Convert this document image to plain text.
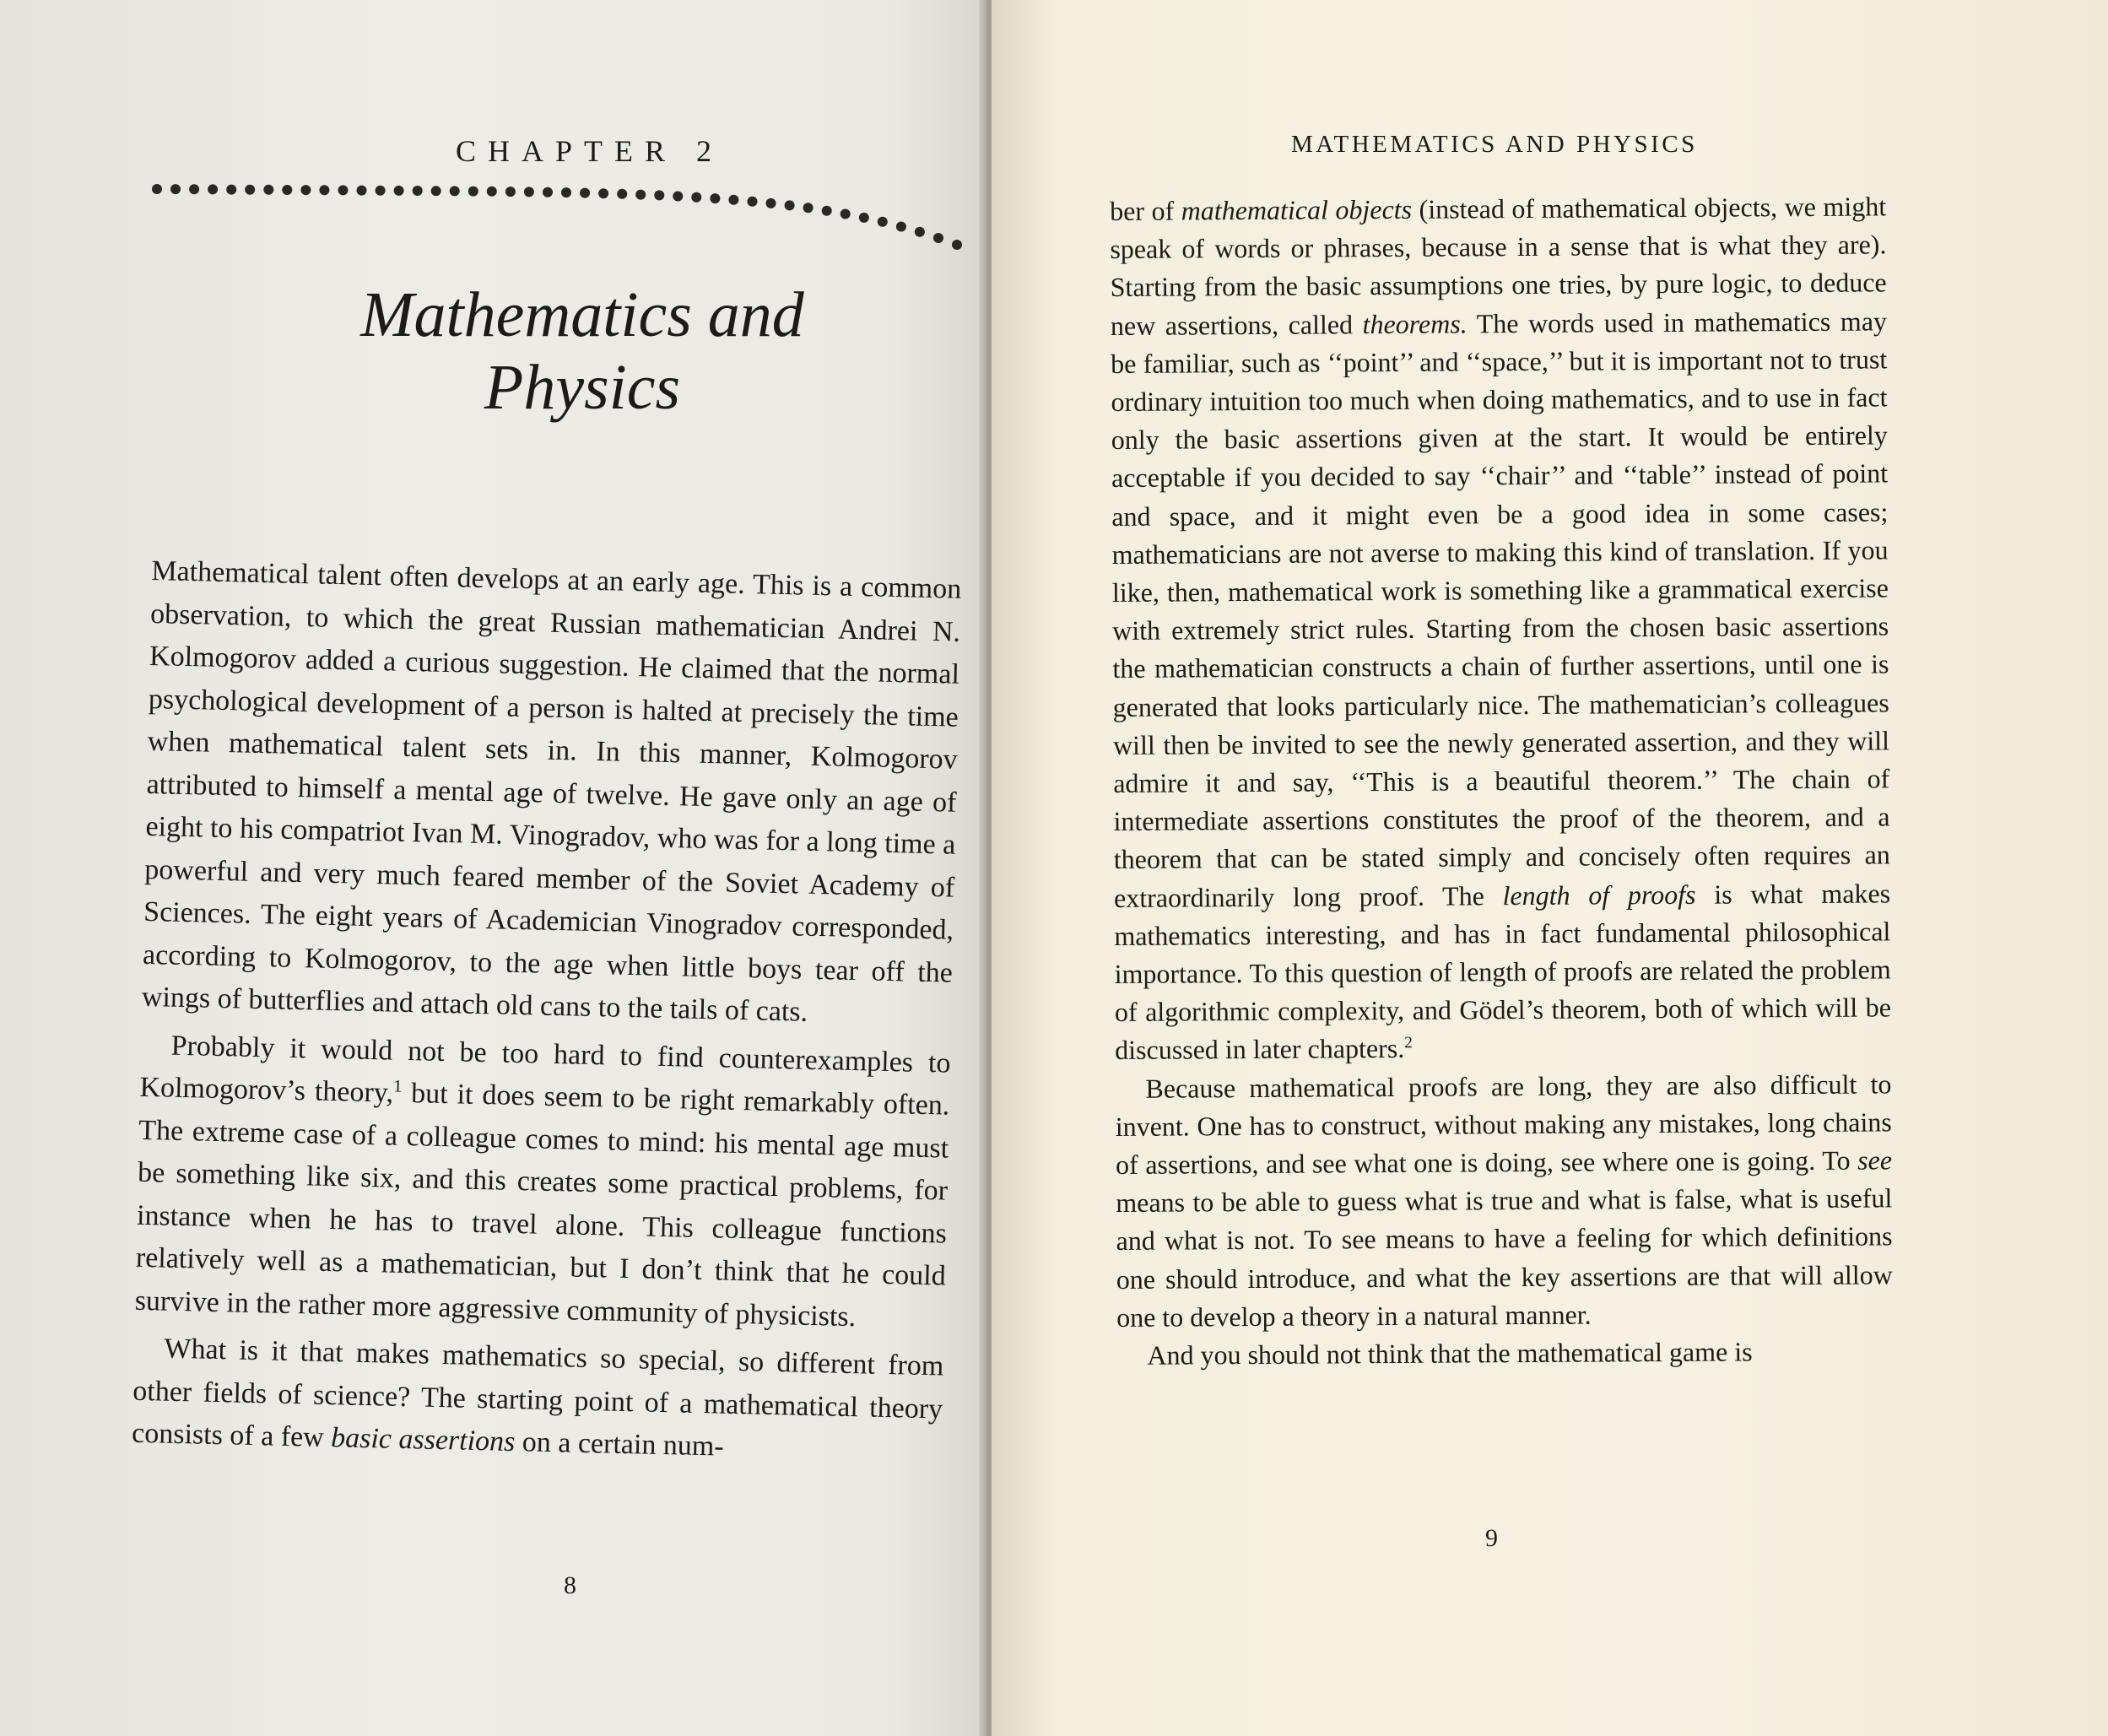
CHAPTER 2
Mathematics and
Physics

Mathematical talent often develops at an early age. This is a common observation, to which the great Russian mathematician Andrei N. Kolmogorov added a curious suggestion. He claimed that the normal psychological development of a person is halted at precisely the time when mathematical talent sets in. In this manner, Kolmogorov attributed to himself a mental age of twelve. He gave only an age of eight to his compatriot Ivan M. Vinogradov, who was for a long time a powerful and very much feared member of the Soviet Academy of Sciences. The eight years of Academician Vinogradov corresponded, according to Kolmogorov, to the age when little boys tear off the wings of butterflies and attach old cans to the tails of cats.

Probably it would not be too hard to find counterexamples to Kolmogorov’s theory,$^1$ but it does seem to be right remarkably often. The extreme case of a colleague comes to mind: his mental age must be something like six, and this creates some practical problems, for instance when he has to travel alone. This colleague functions relatively well as a mathematician, but I don’t think that he could survive in the rather more aggressive community of physicists.

What is it that makes mathematics so special, so different from other fields of science? The starting point of a mathematical theory consists of a few basic assertions on a certain num-

8
MATHEMATICS AND PHYSICS

ber of mathematical objects (instead of mathematical objects, we might speak of words or phrases, because in a sense that is what they are). Starting from the basic assumptions one tries, by pure logic, to deduce new assertions, called theorems. The words used in mathematics may be familiar, such as ‘‘point’’ and ‘‘space,’’ but it is important not to trust ordinary intuition too much when doing mathematics, and to use in fact only the basic assertions given at the start. It would be entirely acceptable if you decided to say ‘‘chair’’ and ‘‘table’’ instead of point and space, and it might even be a good idea in some cases; mathematicians are not averse to making this kind of translation. If you like, then, mathematical work is something like a grammatical exercise with extremely strict rules. Starting from the chosen basic assertions the mathematician constructs a chain of further assertions, until one is generated that looks particularly nice. The mathematician’s colleagues will then be invited to see the newly generated assertion, and they will admire it and say, ‘‘This is a beautiful theorem.’’ The chain of intermediate assertions constitutes the proof of the theorem, and a theorem that can be stated simply and concisely often requires an extraordinarily long proof. The length of proofs is what makes mathematics interesting, and has in fact fundamental philosophical importance. To this question of length of proofs are related the problem of algorithmic complexity, and Gödel’s theorem, both of which will be discussed in later chapters.$^2$

Because mathematical proofs are long, they are also difficult to invent. One has to construct, without making any mistakes, long chains of assertions, and see what one is doing, see where one is going. To see means to be able to guess what is true and what is false, what is useful and what is not. To see means to have a feeling for which definitions one should introduce, and what the key assertions are that will allow one to develop a theory in a natural manner.

And you should not think that the mathematical game is

9
